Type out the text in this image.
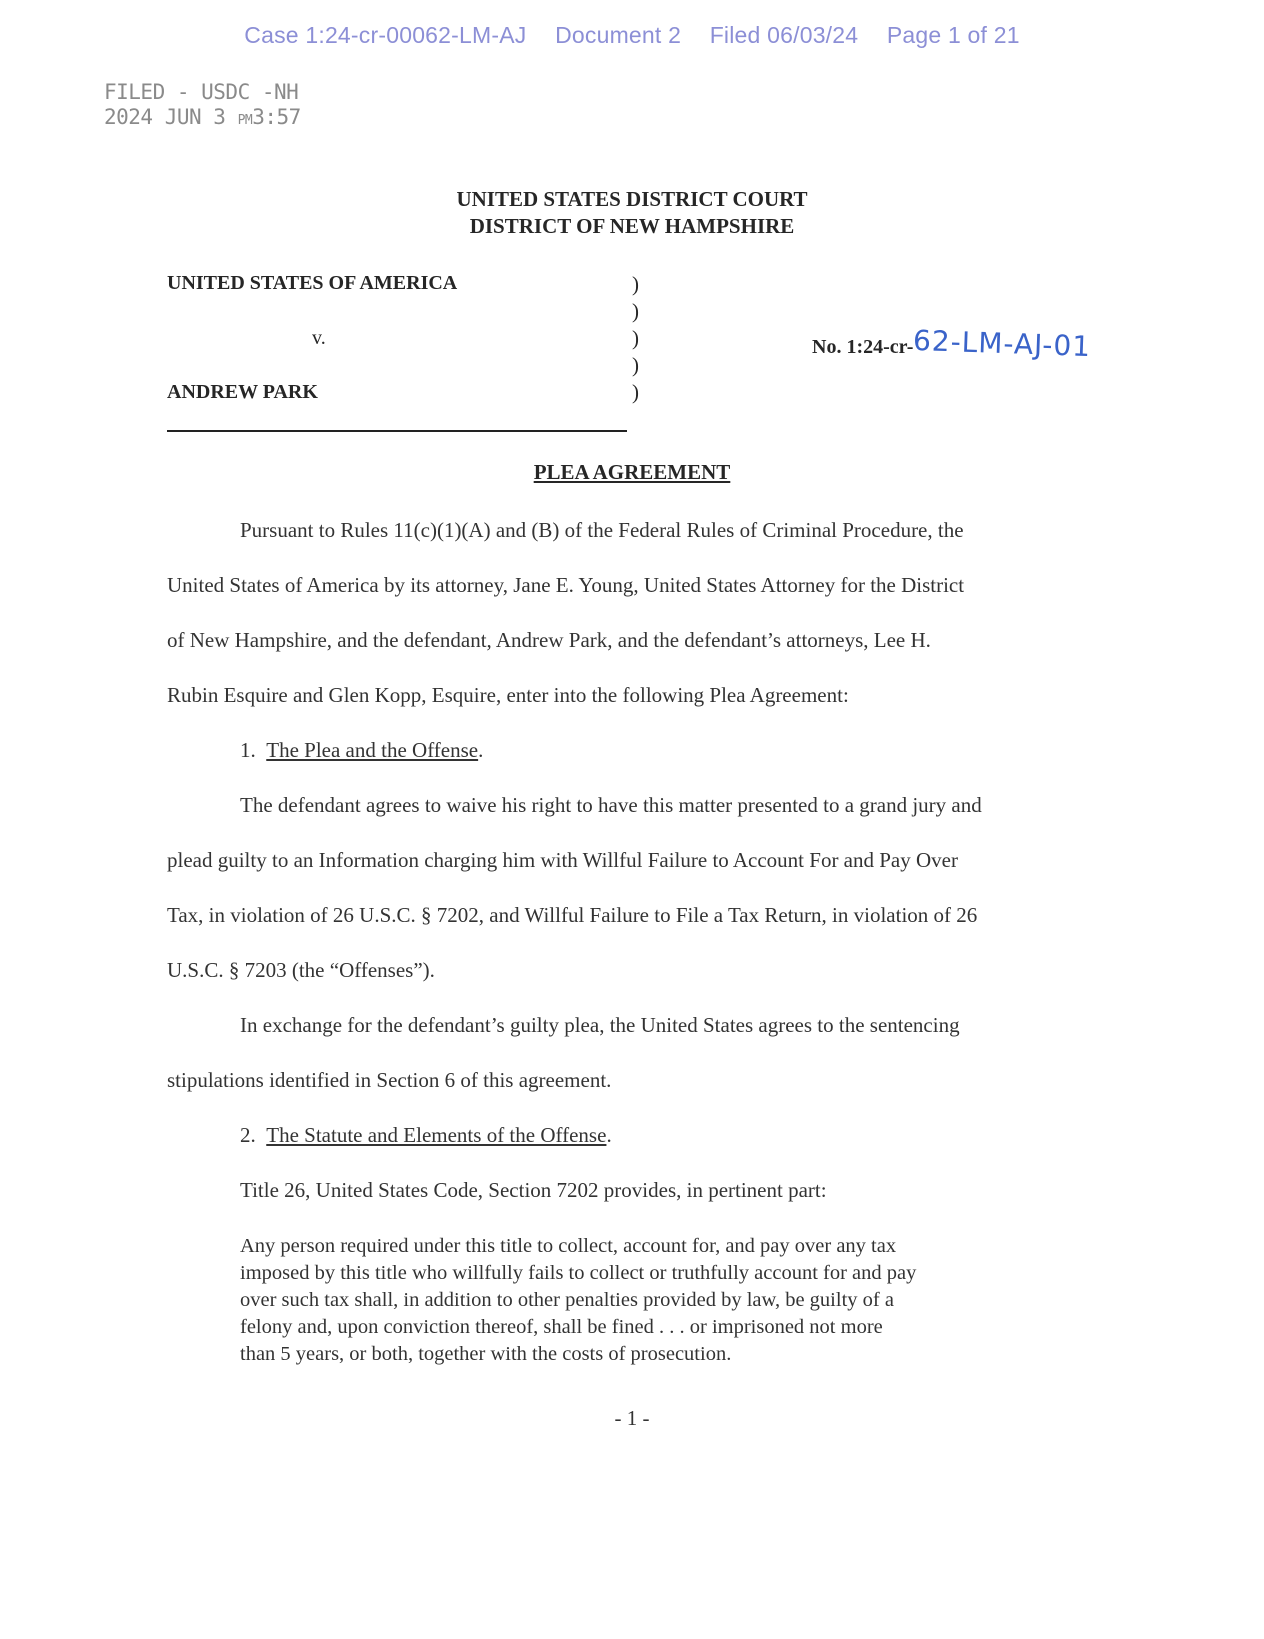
Case 1:24-cr-00062-LM-AJ Document 2 Filed 06/03/24 Page 1 of 21
FILED - USDC -NH
2024 JUN 3 PM3:57
UNITED STATES DISTRICT COURT
DISTRICT OF NEW HAMPSHIRE
UNITED STATES OF AMERICA
v.
ANDREW PARK
)
)
)
)
)
No. 1:24-cr-62-LM-AJ-01
PLEA AGREEMENT
Pursuant to Rules 11(c)(1)(A) and (B) of the Federal Rules of Criminal Procedure, the
United States of America by its attorney, Jane E. Young, United States Attorney for the District
of New Hampshire, and the defendant, Andrew Park, and the defendant’s attorneys, Lee H.
Rubin Esquire and Glen Kopp, Esquire, enter into the following Plea Agreement:
1. The Plea and the Offense.
The defendant agrees to waive his right to have this matter presented to a grand jury and
plead guilty to an Information charging him with Willful Failure to Account For and Pay Over
Tax, in violation of 26 U.S.C. § 7202, and Willful Failure to File a Tax Return, in violation of 26
U.S.C. § 7203 (the “Offenses”).
In exchange for the defendant’s guilty plea, the United States agrees to the sentencing
stipulations identified in Section 6 of this agreement.
2. The Statute and Elements of the Offense.
Title 26, United States Code, Section 7202 provides, in pertinent part:
Any person required under this title to collect, account for, and pay over any tax
imposed by this title who willfully fails to collect or truthfully account for and pay
over such tax shall, in addition to other penalties provided by law, be guilty of a
felony and, upon conviction thereof, shall be fined . . . or imprisoned not more
than 5 years, or both, together with the costs of prosecution.
- 1 -
